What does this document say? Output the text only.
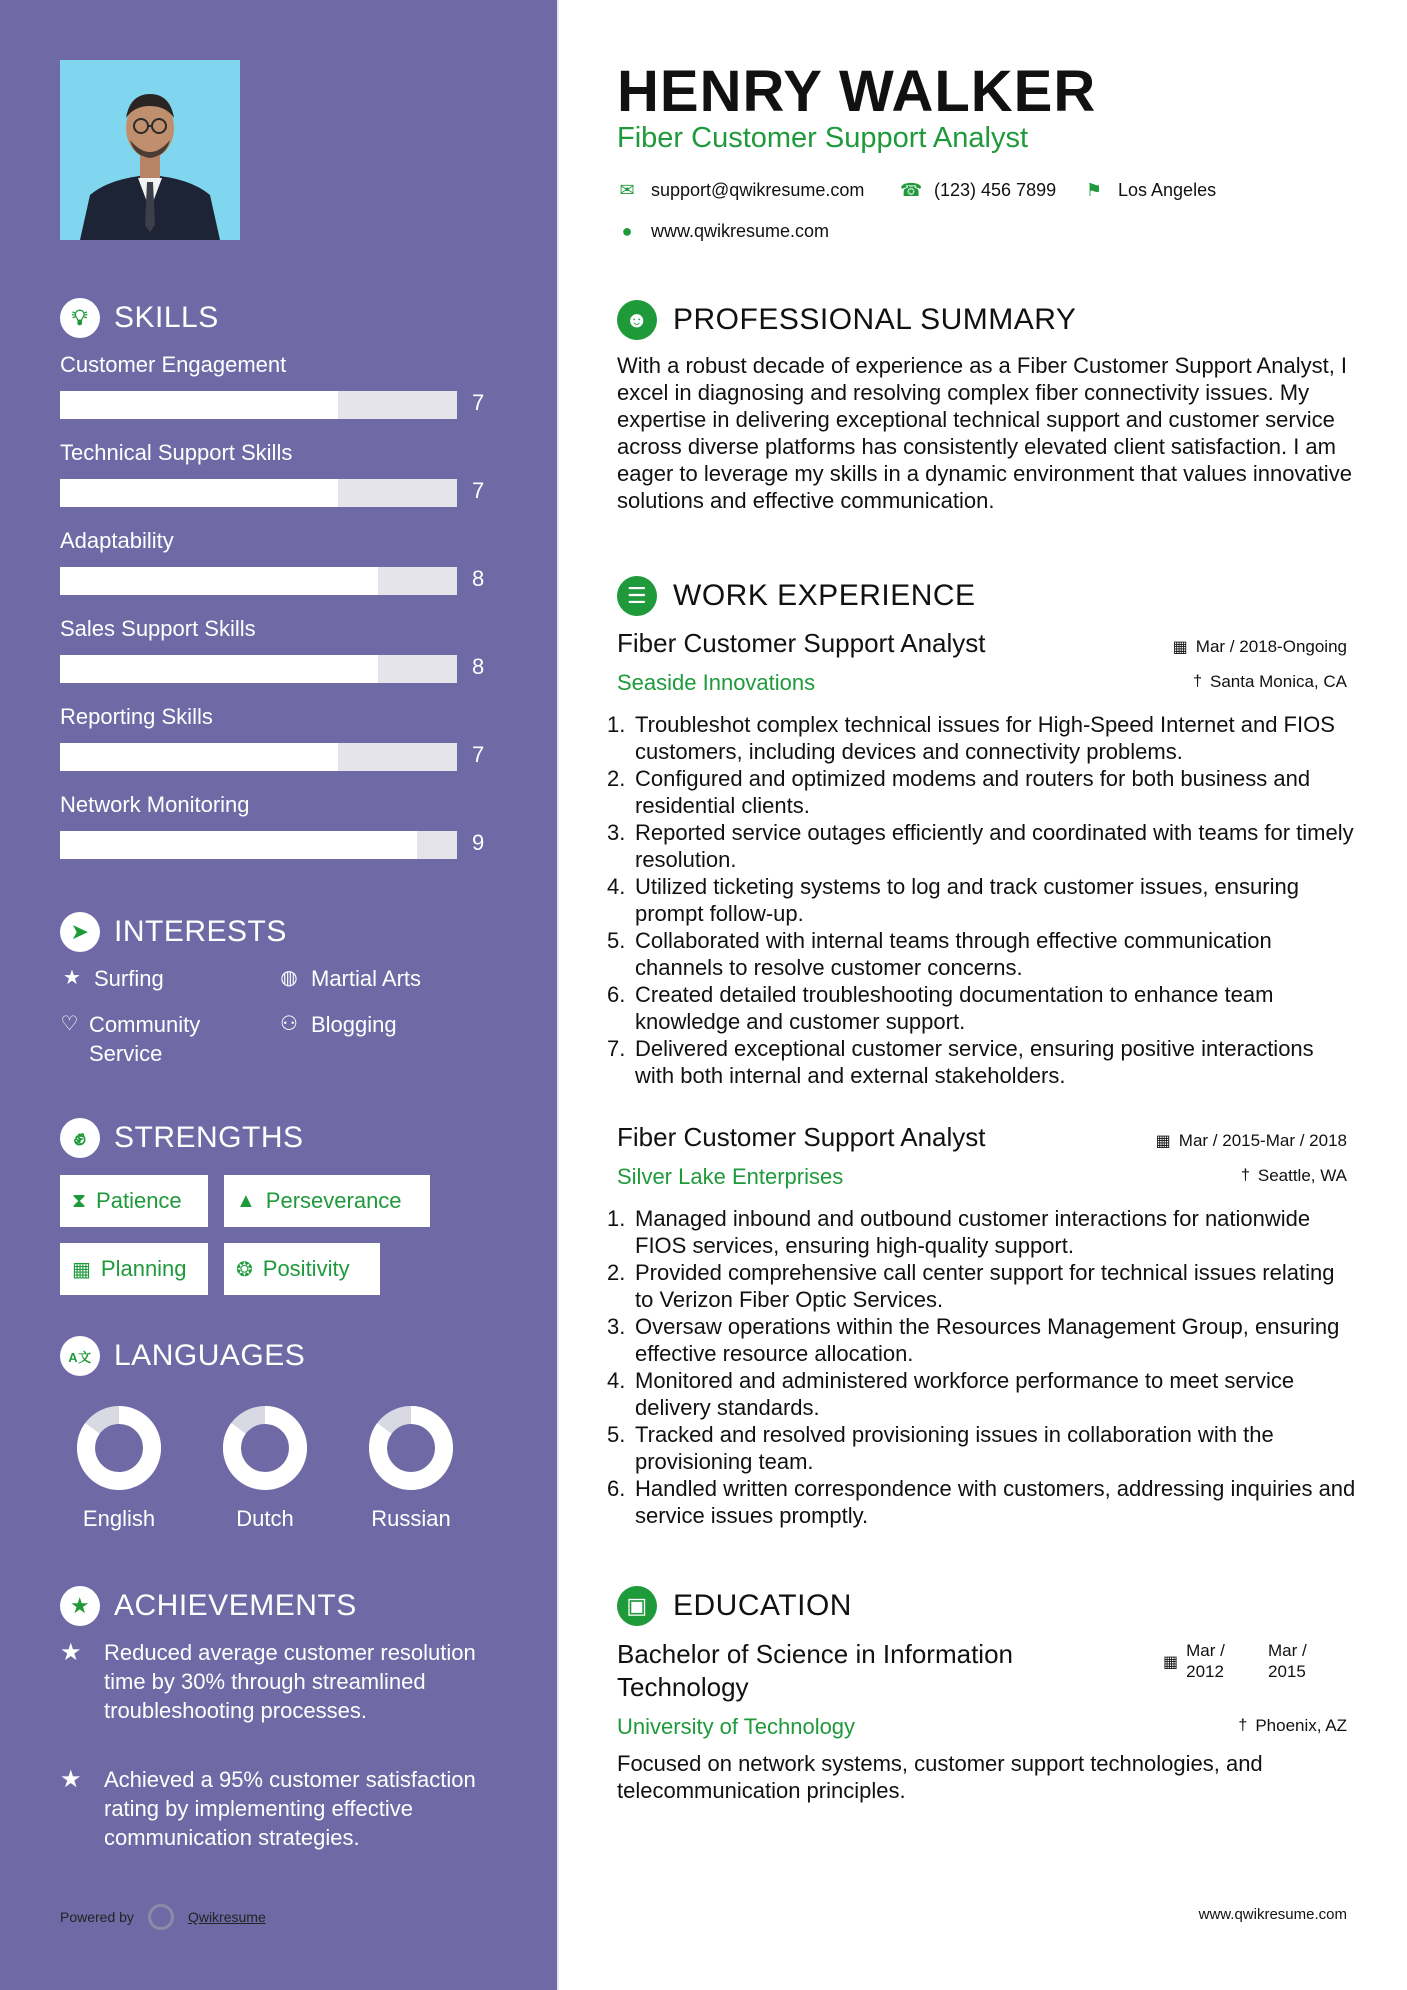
💡︎ SKILLS
Customer Engagement
7
Technical Support Skills
7
Adaptability
8
Sales Support Skills
8
Reporting Skills
7
Network Monitoring
9
➤ INTERESTS
★ Surfing	◍ Martial Arts
♡ Community Service
⚇ Blogging
✊︎ STRENGTHS
⧗ Patience	▲ Perseverance
▦ Planning ❂ Positivity
A文 LANGUAGES
English	Dutch	Russian
★ ACHIEVEMENTS
★	Reduced average customer resolution time by 30% through streamlined troubleshooting processes.
★	Achieved a 95% customer satisfaction rating by implementing effective communication strategies.
Powered by	Qwikresume
HENRY WALKER
Fiber Customer Support Analyst
✉ support@qwikresume.com ☎ (123) 456 7899 ⚑ Los Angeles
● www.qwikresume.com
☻ PROFESSIONAL SUMMARY
With a robust decade of experience as a Fiber Customer Support Analyst, I excel in diagnosing and resolving complex fiber connectivity issues. My expertise in delivering exceptional technical support and customer service across diverse platforms has consistently elevated client satisfaction. I am eager to leverage my skills in a dynamic environment that values innovative solutions and effective communication.
☰ WORK EXPERIENCE
Fiber Customer Support Analyst	▦ Mar / 2018-Ongoing
Seaside Innovations	† Santa Monica, CA
1. Troubleshot complex technical issues for High-Speed Internet and FIOS customers, including devices and connectivity problems.
2. Configured and optimized modems and routers for both business and residential clients.
3. Reported service outages efficiently and coordinated with teams for timely resolution.
4. Utilized ticketing systems to log and track customer issues, ensuring prompt follow-up.
5. Collaborated with internal teams through effective communication channels to resolve customer concerns.
6. Created detailed troubleshooting documentation to enhance team knowledge and customer support.
7. Delivered exceptional customer service, ensuring positive interactions with both internal and external stakeholders.
Fiber Customer Support Analyst	▦ Mar / 2015-Mar / 2018
Silver Lake Enterprises	† Seattle, WA
1. Managed inbound and outbound customer interactions for nationwide FIOS services, ensuring high-quality support.
2. Provided comprehensive call center support for technical issues relating to Verizon Fiber Optic Services.
3. Oversaw operations within the Resources Management Group, ensuring effective resource allocation.
4. Monitored and administered workforce performance to meet service delivery standards.
5. Tracked and resolved provisioning issues in collaboration with the provisioning team.
6. Handled written correspondence with customers, addressing inquiries and service issues promptly.
▣ EDUCATION
Bachelor of Science in Information Technology
▦
Mar / 2012
Mar / 2015
University of Technology	† Phoenix, AZ
Focused on network systems, customer support technologies, and telecommunication principles.
www.qwikresume.com
